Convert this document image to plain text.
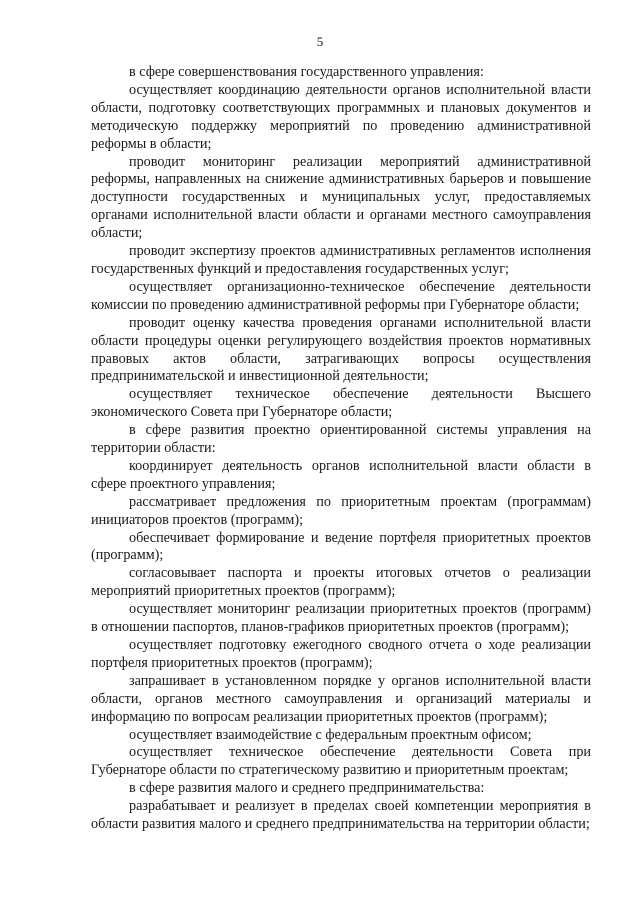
5

в сфере совершенствования государственного управления:

осуществляет координацию деятельности органов исполнительной власти области, подготовку соответствующих программных и плановых документов и методическую поддержку мероприятий по проведению административной реформы в области;

проводит мониторинг реализации мероприятий административной реформы, направленных на снижение административных барьеров и повышение доступности государственных и муниципальных услуг, предоставляемых органами исполнительной власти области и органами местного самоуправления области;

проводит экспертизу проектов административных регламентов исполнения государственных функций и предоставления государственных услуг;

осуществляет организационно-техническое обеспечение деятельности комиссии по проведению административной реформы при Губернаторе области;

проводит оценку качества проведения органами исполнительной власти области процедуры оценки регулирующего воздействия проектов нормативных правовых актов области, затрагивающих вопросы осуществления предпринимательской и инвестиционной деятельности;

осуществляет техническое обеспечение деятельности Высшего экономического Совета при Губернаторе области;

в сфере развития проектно ориентированной системы управления на территории области:

координирует деятельность органов исполнительной власти области в сфере проектного управления;

рассматривает предложения по приоритетным проектам (программам) инициаторов проектов (программ);

обеспечивает формирование и ведение портфеля приоритетных проектов (программ);

согласовывает паспорта и проекты итоговых отчетов о реализации мероприятий приоритетных проектов (программ);

осуществляет мониторинг реализации приоритетных проектов (программ) в отношении паспортов, планов-графиков приоритетных проектов (программ);

осуществляет подготовку ежегодного сводного отчета о ходе реализации портфеля приоритетных проектов (программ);

запрашивает в установленном порядке у органов исполнительной власти области, органов местного самоуправления и организаций материалы и информацию по вопросам реализации приоритетных проектов (программ);

осуществляет взаимодействие с федеральным проектным офисом;

осуществляет техническое обеспечение деятельности Совета при Губернаторе области по стратегическому развитию и приоритетным проектам;

в сфере развития малого и среднего предпринимательства:

разрабатывает и реализует в пределах своей компетенции мероприятия в области развития малого и среднего предпринимательства на территории области;
